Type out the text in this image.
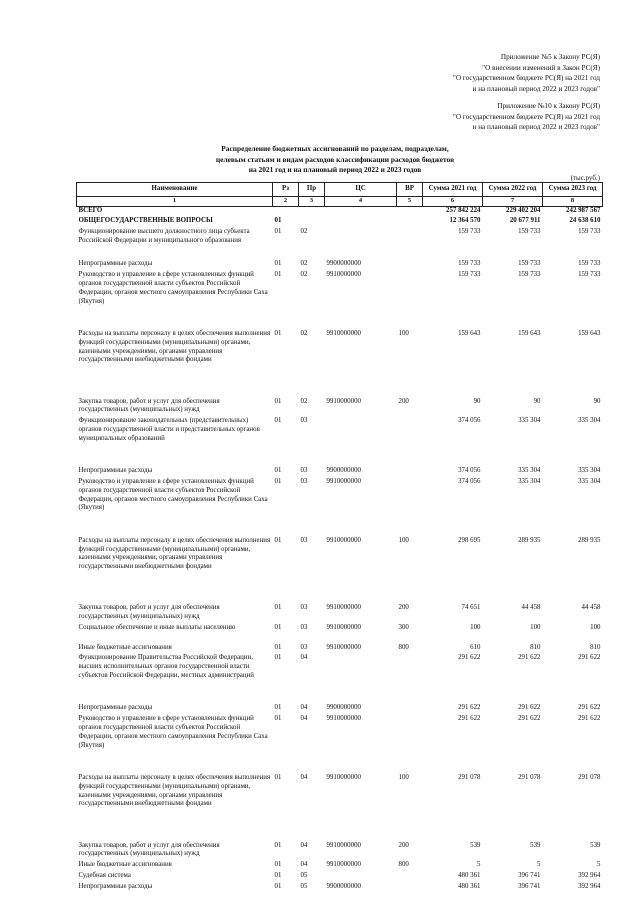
Приложение №5 к Закону РС(Я)
"О внесении изменений в Закон РС(Я)
"О государственном бюджете РС(Я) на 2021 год
и на плановый период 2022 и 2023 годов"
Приложение №10 к Закону РС(Я)
"О государственном бюджете РС(Я) на 2021 год
и на плановый период 2022 и 2023 годов"
Распределение бюджетных ассигнований по разделам, подразделам,
целевым статьям и видам расходов классификации расходов бюджетов
на 2021 год и на плановый период 2022 и 2023 годов
(тыс.руб.)
Наименование	Рз	Пр	ЦС	ВР	Сумма 2021 год	Сумма 2022 год	Сумма 2023 год
1	2	3	4	5	6	7	8
ВСЕГО					257 842 224	229 402 204	242 987 567
ОБЩЕГОСУДАРСТВЕННЫЕ ВОПРОСЫ	01				12 364 570	20 677 911	24 638 610
Функционирование высшего должностного лица субъекта Российской Федерации и муниципального образования	01	02			159 733	159 733	159 733
Непрограммные расходы	01	02	9900000000		159 733	159 733	159 733
Руководство и управление в сфере установленных функций органов государственной власти субъектов Российской Федерации, органов местного самоуправления Республики Саха (Якутия)	01	02	9910000000		159 733	159 733	159 733
Расходы на выплаты персоналу в целях обеспечения выполнения функций государственными (муниципальными) органами, казенными учреждениями, органами управления государственными внебюджетными фондами	01	02	9910000000	100	159 643	159 643	159 643
Закупка товаров, работ и услуг для обеспечения государственных (муниципальных) нужд	01	02	9910000000	200	90	90	90
Функционирование законодательных (представительных) органов государственной власти и представительных органов муниципальных образований	01	03			374 056	335 304	335 304
Непрограммные расходы	01	03	9900000000		374 056	335 304	335 304
Руководство и управление в сфере установленных функций органов государственной власти субъектов Российской Федерации, органов местного самоуправления Республики Саха (Якутия)	01	03	9910000000		374 056	335 304	335 304
Расходы на выплаты персоналу в целях обеспечения выполнения функций государственными (муниципальными) органами, казенными учреждениями, органами управления государственными внебюджетными фондами	01	03	9910000000	100	298 695	289 935	289 935
Закупка товаров, работ и услуг для обеспечения государственных (муниципальных) нужд	01	03	9910000000	200	74 651	44 458	44 458
Социальное обеспечение и иные выплаты населению	01	03	9910000000	300	100	100	100
Иные бюджетные ассигнования	01	03	9910000000	800	610	810	810
Функционирование Правительства Российской Федерации, высших исполнительных органов государственной власти субъектов Российской Федерации, местных администраций	01	04			291 622	291 622	291 622
Непрограммные расходы	01	04	9900000000		291 622	291 622	291 622
Руководство и управление в сфере установленных функций органов государственной власти субъектов Российской Федерации, органов местного самоуправления Республики Саха (Якутия)	01	04	9910000000		291 622	291 622	291 622
Расходы на выплаты персоналу в целях обеспечения выполнения функций государственными (муниципальными) органами, казенными учреждениями, органами управления государственными внебюджетными фондами	01	04	9910000000	100	291 078	291 078	291 078
Закупка товаров, работ и услуг для обеспечения государственных (муниципальных) нужд	01	04	9910000000	200	539	539	539
Иные бюджетные ассигнования	01	04	9910000000	800	5	5	5
Судебная система	01	05			480 361	396 741	392 964
Непрограммные расходы	01	05	9900000000		480 361	396 741	392 964
